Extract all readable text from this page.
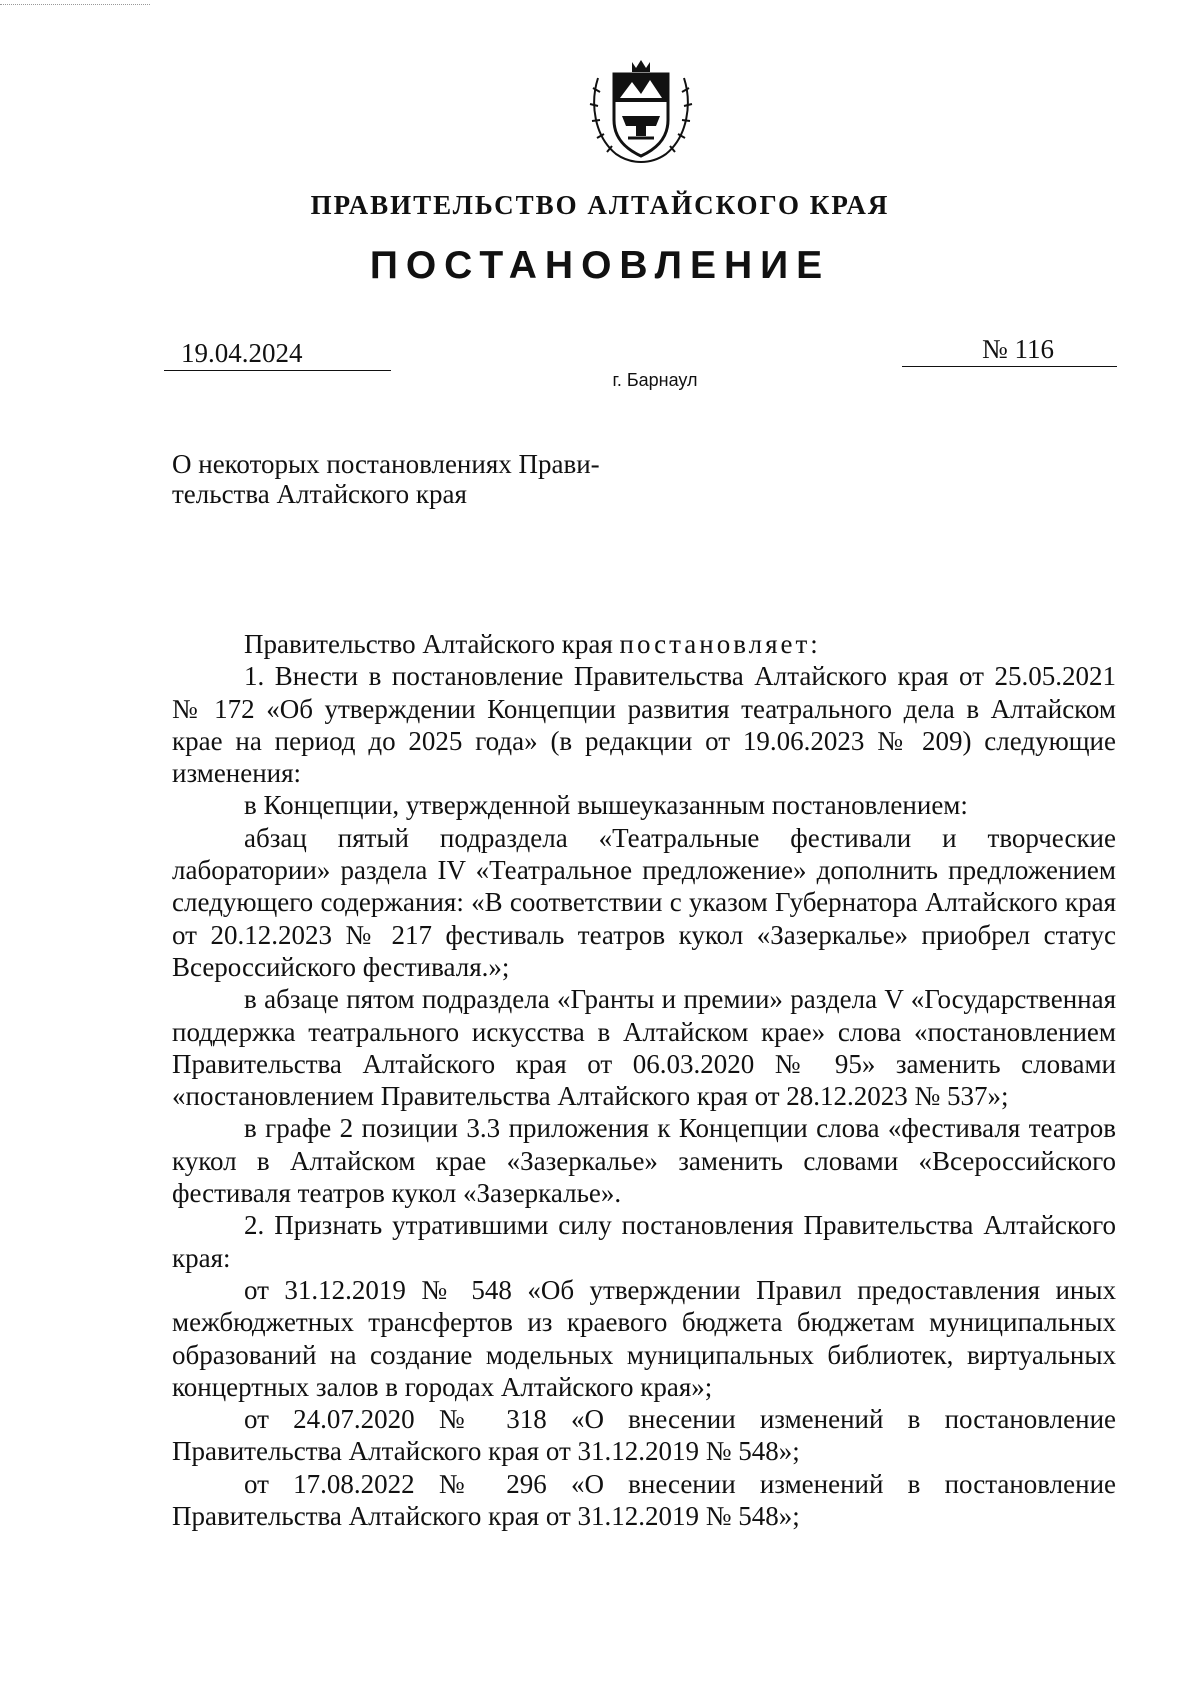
ПРАВИТЕЛЬСТВО АЛТАЙСКОГО КРАЯ
ПОСТАНОВЛЕНИЕ
19.04.2024	№ 116
г. Барнаул
О некоторых постановлениях Прави-
тельства Алтайского края

Правительство Алтайского края постановляет:

1. Внести в постановление Правительства Алтайского края от 25.05.2021 № 172 «Об утверждении Концепции развития театрального дела в Алтайском крае на период до 2025 года» (в редакции от 19.06.2023 № 209) следующие изменения:

в Концепции, утвержденной вышеуказанным постановлением:

абзац пятый подраздела «Театральные фестивали и творческие лаборатории» раздела IV «Театральное предложение» дополнить предложением следующего содержания: «В соответствии с указом Губернатора Алтайского края от 20.12.2023 № 217 фестиваль театров кукол «Зазеркалье» приобрел статус Всероссийского фестиваля.»;

в абзаце пятом подраздела «Гранты и премии» раздела V «Государственная поддержка театрального искусства в Алтайском крае» слова «постановлением Правительства Алтайского края от 06.03.2020 № 95» заменить словами «постановлением Правительства Алтайского края от 28.12.2023 № 537»;

в графе 2 позиции 3.3 приложения к Концепции слова «фестиваля театров кукол в Алтайском крае «Зазеркалье» заменить словами «Всероссийского фестиваля театров кукол «Зазеркалье».

2. Признать утратившими силу постановления Правительства Алтайского края:

от 31.12.2019 № 548 «Об утверждении Правил предоставления иных межбюджетных трансфертов из краевого бюджета бюджетам муниципальных образований на создание модельных муниципальных библиотек, виртуальных концертных залов в городах Алтайского края»;

от 24.07.2020 № 318 «О внесении изменений в постановление Правительства Алтайского края от 31.12.2019 № 548»;

от 17.08.2022 № 296 «О внесении изменений в постановление Правительства Алтайского края от 31.12.2019 № 548»;
